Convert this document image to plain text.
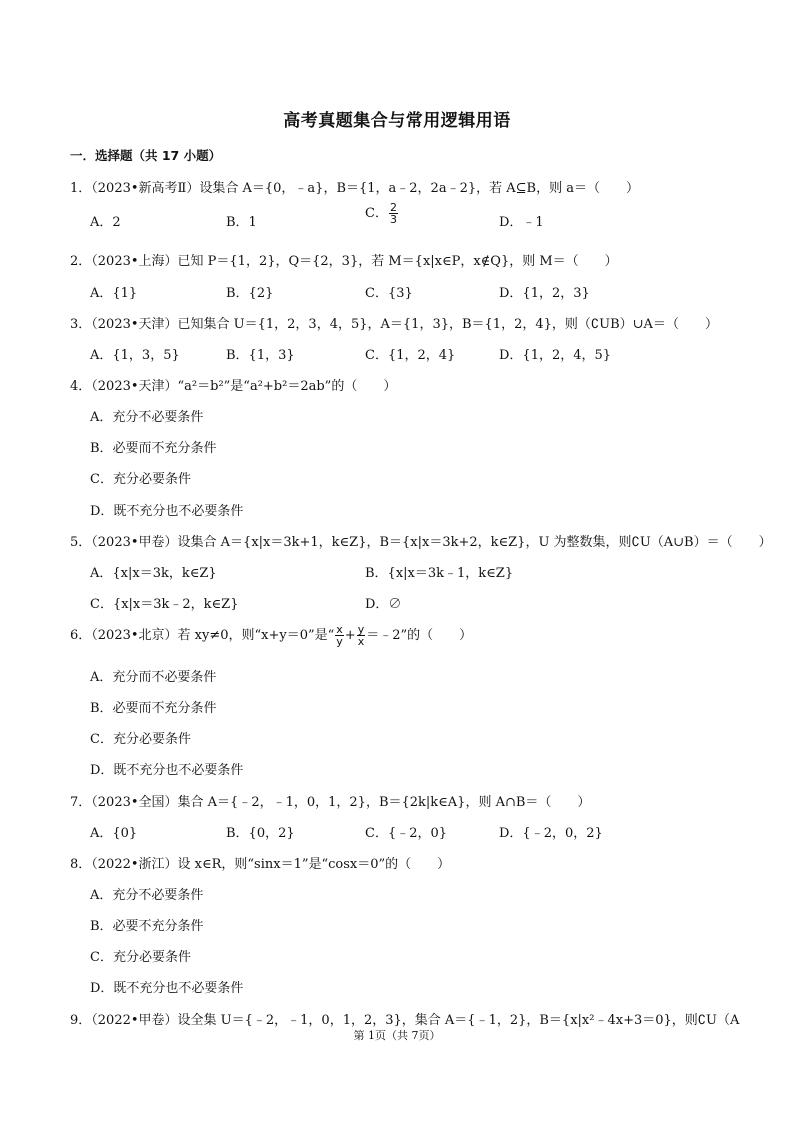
高考真题集合与常用逻辑用语
一．选择题（共 17 小题）
1．（2023•新高考Ⅱ）设集合 A＝{0，﹣a}，B＝{1，a﹣2，2a﹣2}，若 A⊆B，则 a＝（　　）
A．2	B．1
C． $\frac{2}{3}$	D．﹣1
2．（2023•上海）已知 P＝{1，2}，Q＝{2，3}，若 M＝{x|x∈P，x∉Q}，则 M＝（　　）
A．{1}	B．{2}	C．{3}	D．{1，2，3}
3．（2023•天津）已知集合 U＝{1，2，3，4，5}，A＝{1，3}，B＝{1，2，4}，则（∁UB）∪A＝（　　）
A．{1，3，5}	B．{1，3}	C．{1，2，4}	D．{1，2，4，5}
4．（2023•天津）“a²＝b²”是“a²+b²＝2ab”的（　　）
A．充分不必要条件
B．必要而不充分条件
C．充分必要条件
D．既不充分也不必要条件
5．（2023•甲卷）设集合 A＝{x|x＝3k+1，k∈Z}，B＝{x|x＝3k+2，k∈Z}，U 为整数集，则∁U（A∪B）＝（　　）
A．{x|x＝3k，k∈Z}	B．{x|x＝3k﹣1，k∈Z}
C．{x|x＝3k﹣2，k∈Z}	D．∅
6．（2023•北京）若 xy≠0，则“x+y＝0”是“ $\frac{x}{y} + \frac{y}{x}$ ＝﹣2”的（　　）
A．充分而不必要条件
B．必要而不充分条件
C．充分必要条件
D．既不充分也不必要条件
7．（2023•全国）集合 A＝{﹣2，﹣1，0，1，2}，B＝{2k|k∈A}，则 A∩B＝（　　）
A．{0}	B．{0，2}	C．{﹣2，0}	D．{﹣2，0，2}
8．（2022•浙江）设 x∈R，则“sinx＝1”是“cosx＝0”的（　　）
A．充分不必要条件
B．必要不充分条件
C．充分必要条件
D．既不充分也不必要条件
9．（2022•甲卷）设全集 U＝{﹣2，﹣1，0，1，2，3}，集合 A＝{﹣1，2}，B＝{x|x²﹣4x+3＝0}，则∁U（A
第 1页（共 7页）
